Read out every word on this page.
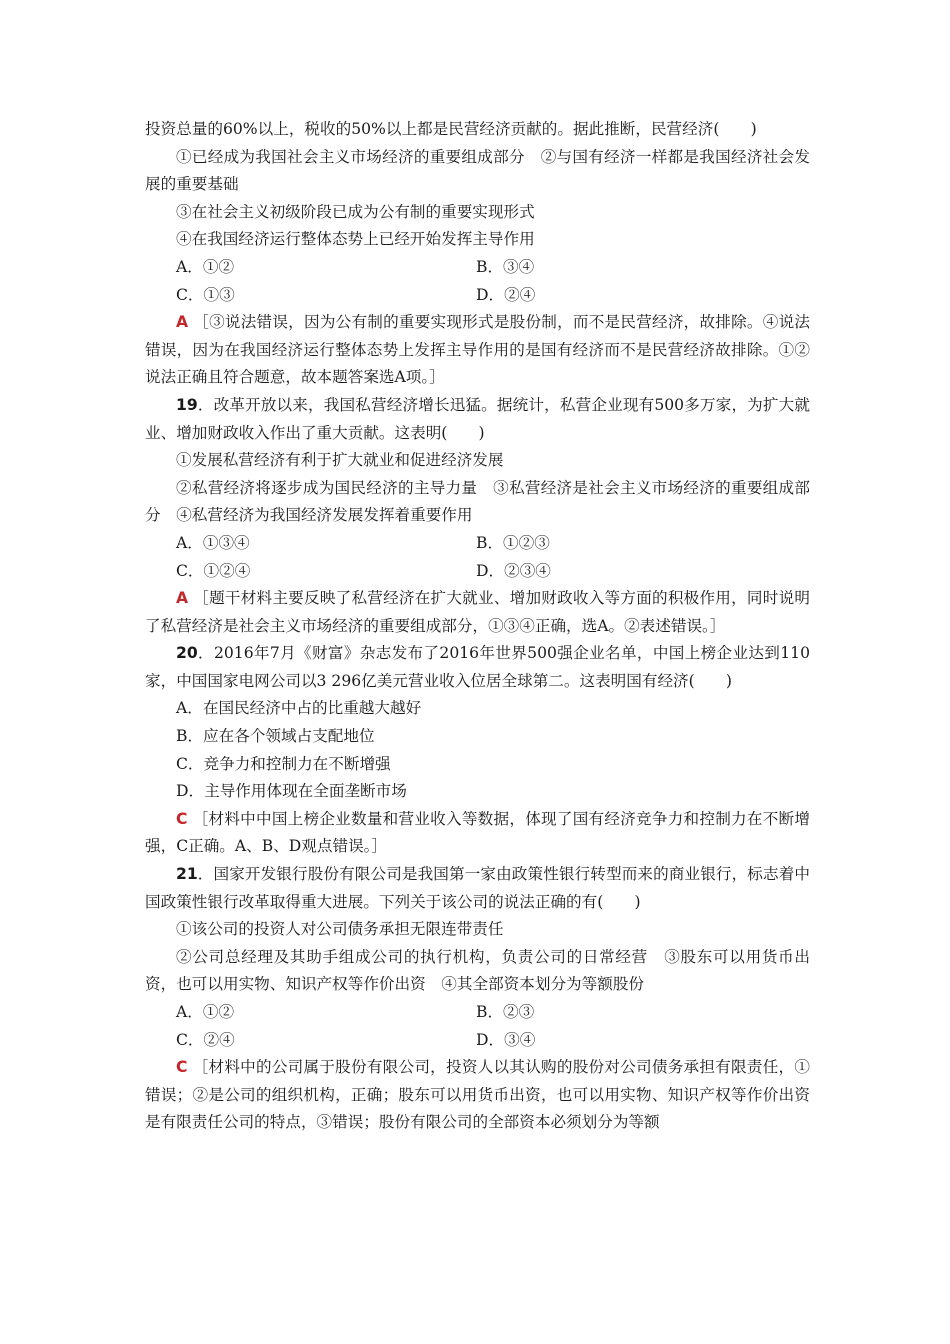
投资总量的60%以上，税收的50%以上都是民营经济贡献的。据此推断，民营经济(　　)

①已经成为我国社会主义市场经济的重要组成部分　②与国有经济一样都是我国经济社会发展的重要基础

③在社会主义初级阶段已成为公有制的重要实现形式

④在我国经济运行整体态势上已经开始发挥主导作用

A．①②	B．③④
C．①③	D．②④

A ［③说法错误，因为公有制的重要实现形式是股份制，而不是民营经济，故排除。④说法错误，因为在我国经济运行整体态势上发挥主导作用的是国有经济而不是民营经济故排除。①②说法正确且符合题意，故本题答案选A项。］

19．改革开放以来，我国私营经济增长迅猛。据统计，私营企业现有500多万家，为扩大就业、增加财政收入作出了重大贡献。这表明(　　)

①发展私营经济有利于扩大就业和促进经济发展

②私营经济将逐步成为国民经济的主导力量　③私营经济是社会主义市场经济的重要组成部分　④私营经济为我国经济发展发挥着重要作用

A．①③④	B．①②③
C．①②④	D．②③④

A ［题干材料主要反映了私营经济在扩大就业、增加财政收入等方面的积极作用，同时说明了私营经济是社会主义市场经济的重要组成部分，①③④正确，选A。②表述错误。］

20．2016年7月《财富》杂志发布了2016年世界500强企业名单，中国上榜企业达到110家，中国国家电网公司以3 296亿美元营业收入位居全球第二。这表明国有经济(　　)

A．在国民经济中占的比重越大越好

B．应在各个领域占支配地位

C．竞争力和控制力在不断增强

D．主导作用体现在全面垄断市场

C ［材料中中国上榜企业数量和营业收入等数据，体现了国有经济竞争力和控制力在不断增强，C正确。A、B、D观点错误。］

21．国家开发银行股份有限公司是我国第一家由政策性银行转型而来的商业银行，标志着中国政策性银行改革取得重大进展。下列关于该公司的说法正确的有(　　)

①该公司的投资人对公司债务承担无限连带责任

②公司总经理及其助手组成公司的执行机构，负责公司的日常经营　③股东可以用货币出资，也可以用实物、知识产权等作价出资　④其全部资本划分为等额股份

A．①②	B．②③
C．②④	D．③④

C ［材料中的公司属于股份有限公司，投资人以其认购的股份对公司债务承担有限责任，①错误；②是公司的组织机构，正确；股东可以用货币出资，也可以用实物、知识产权等作价出资是有限责任公司的特点，③错误；股份有限公司的全部资本必须划分为等额
